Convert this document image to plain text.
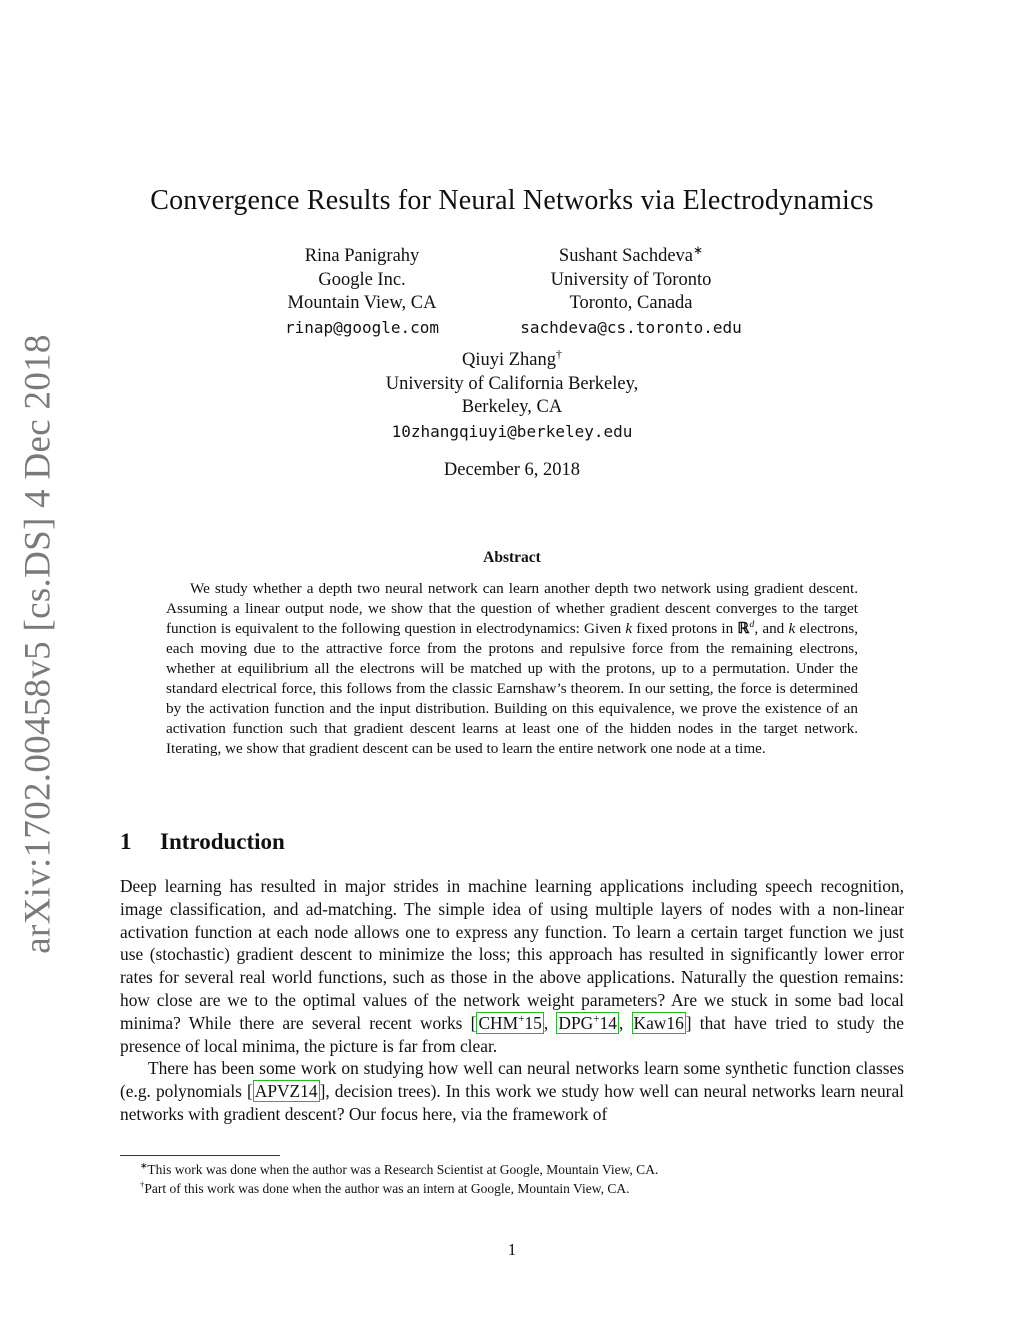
arXiv:1702.00458v5 [cs.DS] 4 Dec 2018
Convergence Results for Neural Networks via Electrodynamics
Rina Panigrahy
Google Inc.
Mountain View, CA
rinap@google.com
Sushant Sachdeva∗
University of Toronto
Toronto, Canada
sachdeva@cs.toronto.edu
Qiuyi Zhang†
University of California Berkeley,
Berkeley, CA
10zhangqiuyi@berkeley.edu
December 6, 2018
Abstract

We study whether a depth two neural network can learn another depth two network using gradient descent. Assuming a linear output node, we show that the question of whether gradient descent converges to the target function is equivalent to the following question in electrodynamics: Given k fixed protons in ℝ$^d$, and k electrons, each moving due to the attractive force from the protons and repulsive force from the remaining electrons, whether at equilibrium all the electrons will be matched up with the protons, up to a permutation. Under the standard electrical force, this follows from the classic Earnshaw’s theorem. In our setting, the force is determined by the activation function and the input distribution. Building on this equivalence, we prove the existence of an activation function such that gradient descent learns at least one of the hidden nodes in the target network. Iterating, we show that gradient descent can be used to learn the entire network one node at a time.

1 Introduction

Deep learning has resulted in major strides in machine learning applications including speech recognition, image classification, and ad-matching. The simple idea of using multiple layers of nodes with a non-linear activation function at each node allows one to express any function. To learn a certain target function we just use (stochastic) gradient descent to minimize the loss; this approach has resulted in significantly lower error rates for several real world functions, such as those in the above applications. Naturally the question remains: how close are we to the optimal values of the network weight parameters? Are we stuck in some bad local minima? While there are several recent works [ CHM+15 , DPG+14 , Kaw16 ] that have tried to study the presence of local minima, the picture is far from clear.

There has been some work on studying how well can neural networks learn some synthetic function classes (e.g. polynomials [ APVZ14 ], decision trees). In this work we study how well can neural networks learn neural networks with gradient descent? Our focus here, via the framework of

∗This work was done when the author was a Research Scientist at Google, Mountain View, CA.

†Part of this work was done when the author was an intern at Google, Mountain View, CA.

1
